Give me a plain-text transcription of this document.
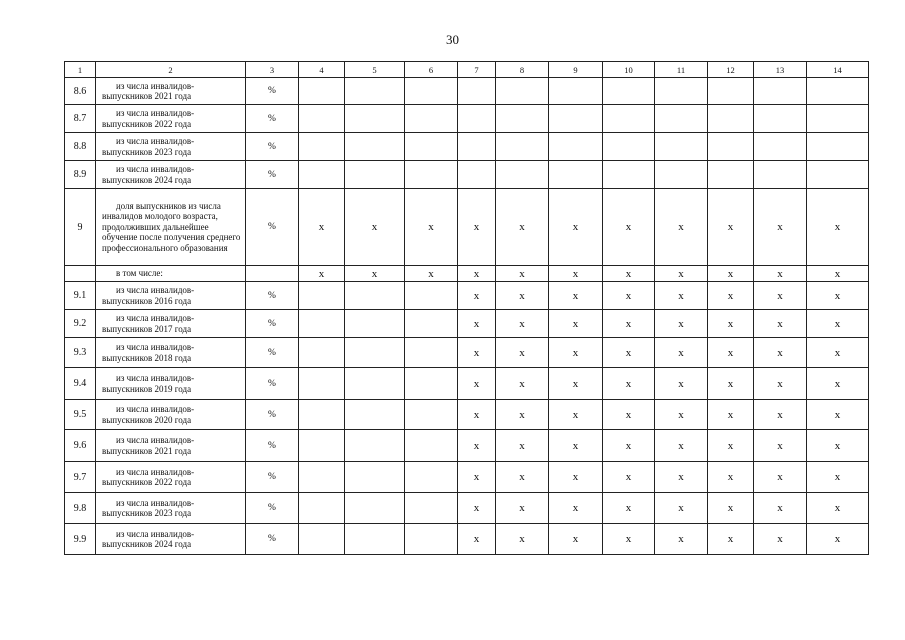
30
1	2	3	4	5	6	7	8	9	10	11	12	13	14
8.6	из числа инвалидов-выпускников 2021 года	%											
8.7	из числа инвалидов-выпускников 2022 года	%											
8.8	из числа инвалидов-выпускников 2023 года	%											
8.9	из числа инвалидов-выпускников 2024 года	%											
9	доля выпускников из числа инвалидов молодого возраста, продолживших дальнейшее обучение после получения среднего профессионального образования	%	x	x	x	x	x	x	x	x	x	x	x

	в том числе:		x	x	x	x	x	x	x	x	x	x	x
9.1	из числа инвалидов-выпускников 2016 года	%				x	x	x	x	x	x	x	x
9.2	из числа инвалидов-выпускников 2017 года	%				x	x	x	x	x	x	x	x
9.3	из числа инвалидов-выпускников 2018 года	%				x	x	x	x	x	x	x	x
9.4	из числа инвалидов-выпускников 2019 года	%				x	x	x	x	x	x	x	x
9.5	из числа инвалидов-выпускников 2020 года	%				x	x	x	x	x	x	x	x
9.6	из числа инвалидов-выпускников 2021 года	%				x	x	x	x	x	x	x	x
9.7	из числа инвалидов-выпускников 2022 года	%				x	x	x	x	x	x	x	x
9.8	из числа инвалидов-выпускников 2023 года	%				x	x	x	x	x	x	x	x
9.9	из числа инвалидов-выпускников 2024 года	%				x	x	x	x	x	x	x	x
